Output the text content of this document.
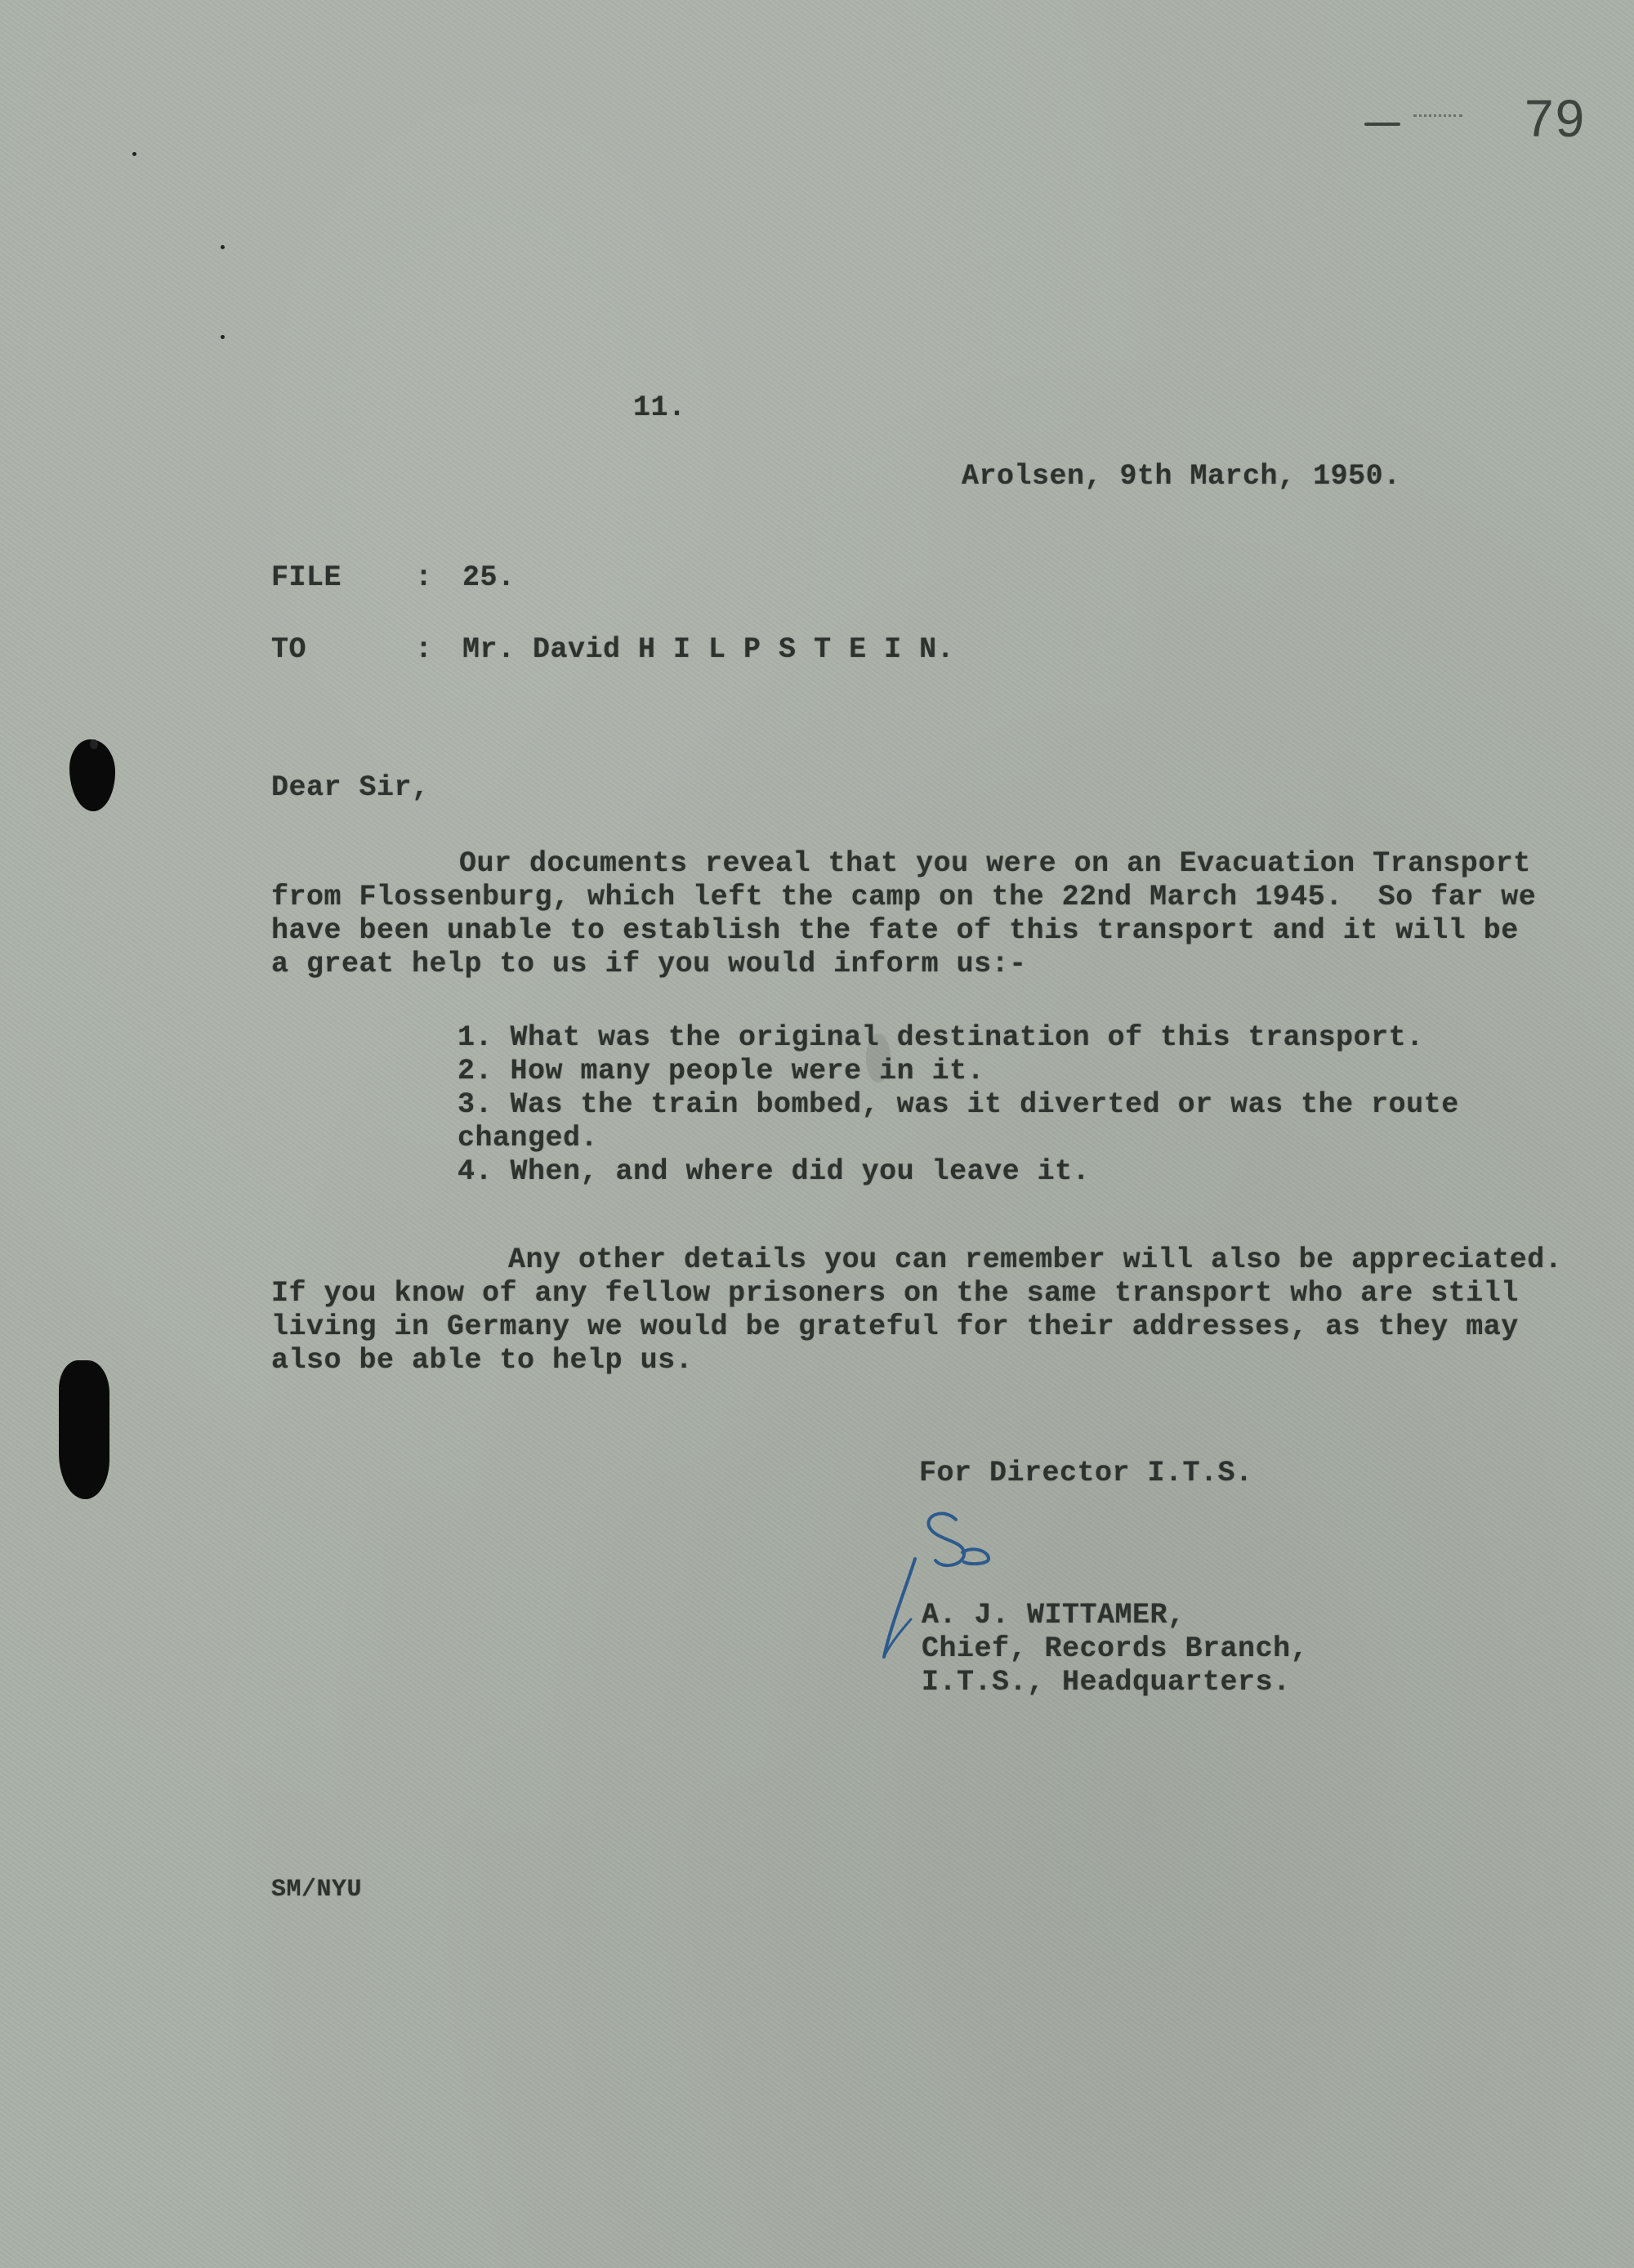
79
11.
Arolsen, 9th March, 1950.
FILE	: 25.
TO	: Mr. David H I L P S T E I N.
Dear Sir,
Our documents reveal that you were on an Evacuation Transport
from Flossenburg, which left the camp on the 22nd March 1945.  So far we
have been unable to establish the fate of this transport and it will be
a great help to us if you would inform us:-
1. What was the original destination of this transport.
2. How many people were in it.
3. Was the train bombed, was it diverted or was the route
changed.
4. When, and where did you leave it.
Any other details you can remember will also be appreciated.
If you know of any fellow prisoners on the same transport who are still
living in Germany we would be grateful for their addresses, as they may
also be able to help us.
For Director I.T.S.
A. J. WITTAMER,
Chief, Records Branch,
I.T.S., Headquarters.
SM/NYU
